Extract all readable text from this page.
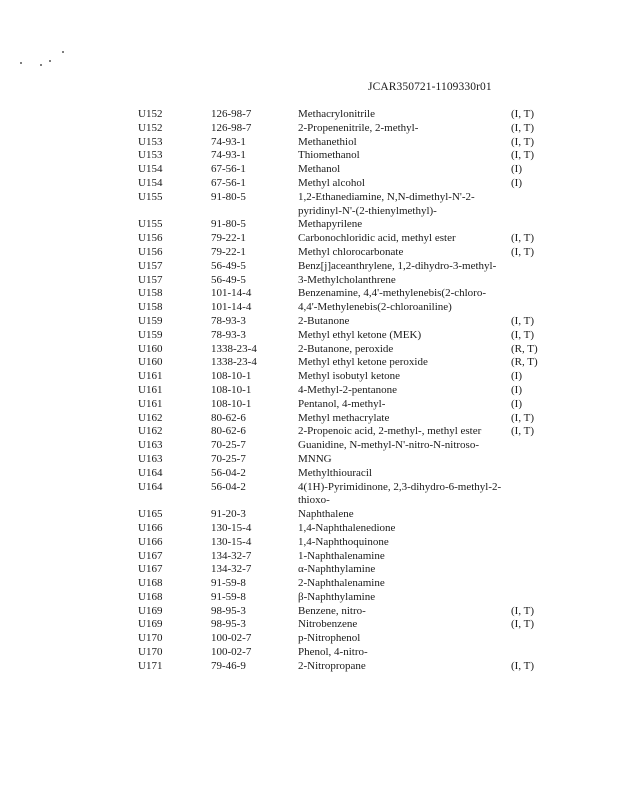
JCAR350721-1109330r01
U152	126-98-7	Methacrylonitrile	(I, T)
U152	126-98-7	2-Propenenitrile, 2-methyl-	(I, T)
U153	74-93-1	Methanethiol	(I, T)
U153	74-93-1	Thiomethanol	(I, T)
U154	67-56-1	Methanol	(I)
U154	67-56-1	Methyl alcohol	(I)
U155	91-80-5	1,2-Ethanediamine, N,N-dimethyl-N'-2-pyridinyl-N'-(2-thienylmethyl)-
U155	91-80-5	Methapyrilene
U156	79-22-1	Carbonochloridic acid, methyl ester	(I, T)
U156	79-22-1	Methyl chlorocarbonate	(I, T)
U157	56-49-5	Benz[j]aceanthrylene, 1,2-dihydro-3-methyl-
U157	56-49-5	3-Methylcholanthrene
U158	101-14-4	Benzenamine, 4,4'-methylenebis(2-chloro-
U158	101-14-4	4,4'-Methylenebis(2-chloroaniline)
U159	78-93-3	2-Butanone	(I, T)
U159	78-93-3	Methyl ethyl ketone (MEK)	(I, T)
U160	1338-23-4	2-Butanone, peroxide	(R, T)
U160	1338-23-4	Methyl ethyl ketone peroxide	(R, T)
U161	108-10-1	Methyl isobutyl ketone	(I)
U161	108-10-1	4-Methyl-2-pentanone	(I)
U161	108-10-1	Pentanol, 4-methyl-	(I)
U162	80-62-6	Methyl methacrylate	(I, T)
U162	80-62-6	2-Propenoic acid, 2-methyl-, methyl ester	(I, T)
U163	70-25-7	Guanidine, N-methyl-N'-nitro-N-nitroso-
U163	70-25-7	MNNG
U164	56-04-2	Methylthiouracil
U164	56-04-2	4(1H)-Pyrimidinone, 2,3-dihydro-6-methyl-2-thioxo-
U165	91-20-3	Naphthalene
U166	130-15-4	1,4-Naphthalenedione
U166	130-15-4	1,4-Naphthoquinone
U167	134-32-7	1-Naphthalenamine
U167	134-32-7	α-Naphthylamine
U168	91-59-8	2-Naphthalenamine
U168	91-59-8	β-Naphthylamine
U169	98-95-3	Benzene, nitro-	(I, T)
U169	98-95-3	Nitrobenzene	(I, T)
U170	100-02-7	p-Nitrophenol
U170	100-02-7	Phenol, 4-nitro-
U171	79-46-9	2-Nitropropane	(I, T)
